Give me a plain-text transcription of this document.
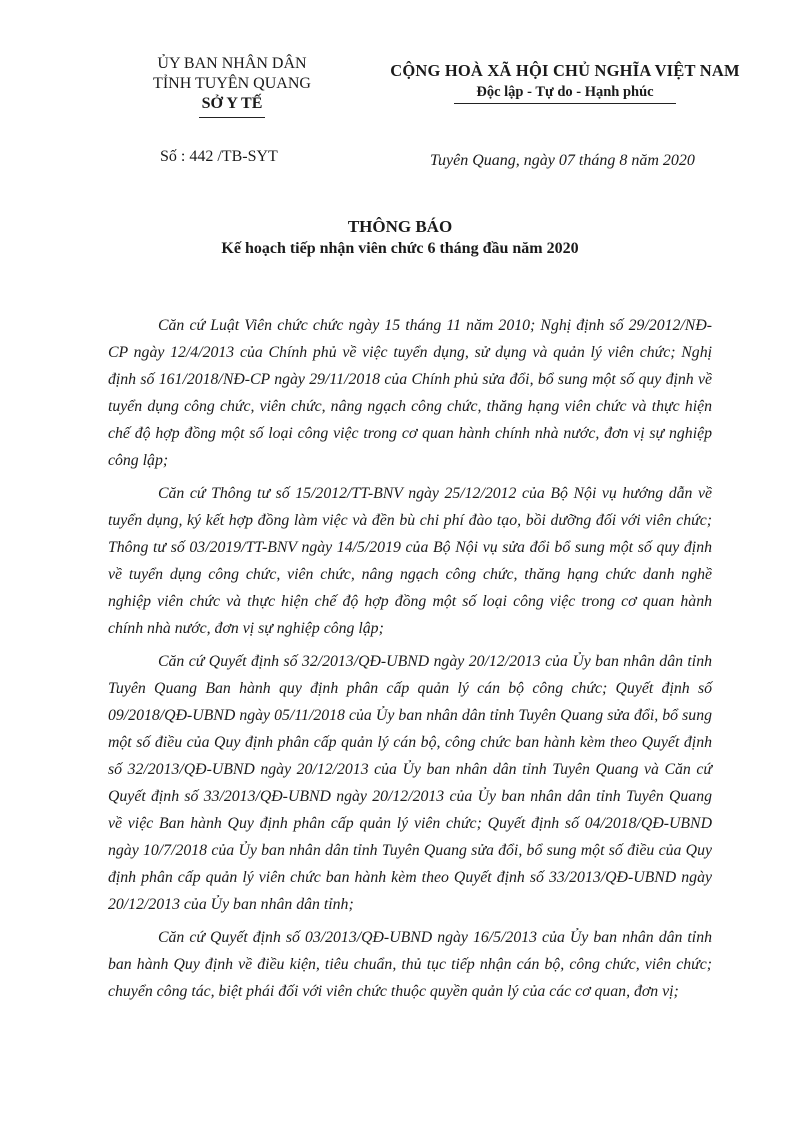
ỦY BAN NHÂN DÂN
TỈNH TUYÊN QUANG
SỞ Y TẾ
CỘNG HOÀ XÃ HỘI CHỦ NGHĨA VIỆT NAM
Độc lập - Tự do - Hạnh phúc
Số : 442 /TB-SYT	Tuyên Quang, ngày 07 tháng 8 năm 2020
THÔNG BÁO
Kế hoạch tiếp nhận viên chức 6 tháng đầu năm 2020

Căn cứ Luật Viên chức chức ngày 15 tháng 11 năm 2010; Nghị định số 29/2012/NĐ-CP ngày 12/4/2013 của Chính phủ về việc tuyển dụng, sử dụng và quản lý viên chức; Nghị định số 161/2018/NĐ-CP ngày 29/11/2018 của Chính phủ sửa đổi, bổ sung một số quy định về tuyển dụng công chức, viên chức, nâng ngạch công chức, thăng hạng viên chức và thực hiện chế độ hợp đồng một số loại công việc trong cơ quan hành chính nhà nước, đơn vị sự nghiệp công lập;

Căn cứ Thông tư số 15/2012/TT-BNV ngày 25/12/2012 của Bộ Nội vụ hướng dẫn về tuyển dụng, ký kết hợp đồng làm việc và đền bù chi phí đào tạo, bồi dưỡng đối với viên chức; Thông tư số 03/2019/TT-BNV ngày 14/5/2019 của Bộ Nội vụ sửa đổi bổ sung một số quy định về tuyển dụng công chức, viên chức, nâng ngạch công chức, thăng hạng chức danh nghề nghiệp viên chức và thực hiện chế độ hợp đồng một số loại công việc trong cơ quan hành chính nhà nước, đơn vị sự nghiệp công lập;

Căn cứ Quyết định số 32/2013/QĐ-UBND ngày 20/12/2013 của Ủy ban nhân dân tỉnh Tuyên Quang Ban hành quy định phân cấp quản lý cán bộ công chức; Quyết định số 09/2018/QĐ-UBND ngày 05/11/2018 của Ủy ban nhân dân tỉnh Tuyên Quang sửa đổi, bổ sung một số điều của Quy định phân cấp quản lý cán bộ, công chức ban hành kèm theo Quyết định số 32/2013/QĐ-UBND ngày 20/12/2013 của Ủy ban nhân dân tỉnh Tuyên Quang và Căn cứ Quyết định số 33/2013/QĐ-UBND ngày 20/12/2013 của Ủy ban nhân dân tỉnh Tuyên Quang về việc Ban hành Quy định phân cấp quản lý viên chức; Quyết định số 04/2018/QĐ-UBND ngày 10/7/2018 của Ủy ban nhân dân tỉnh Tuyên Quang sửa đổi, bổ sung một số điều của Quy định phân cấp quản lý viên chức ban hành kèm theo Quyết định số 33/2013/QĐ-UBND ngày 20/12/2013 của Ủy ban nhân dân tỉnh;

Căn cứ Quyết định số 03/2013/QĐ-UBND ngày 16/5/2013 của Ủy ban nhân dân tỉnh ban hành Quy định về điều kiện, tiêu chuẩn, thủ tục tiếp nhận cán bộ, công chức, viên chức; chuyển công tác, biệt phái đối với viên chức thuộc quyền quản lý của các cơ quan, đơn vị;
